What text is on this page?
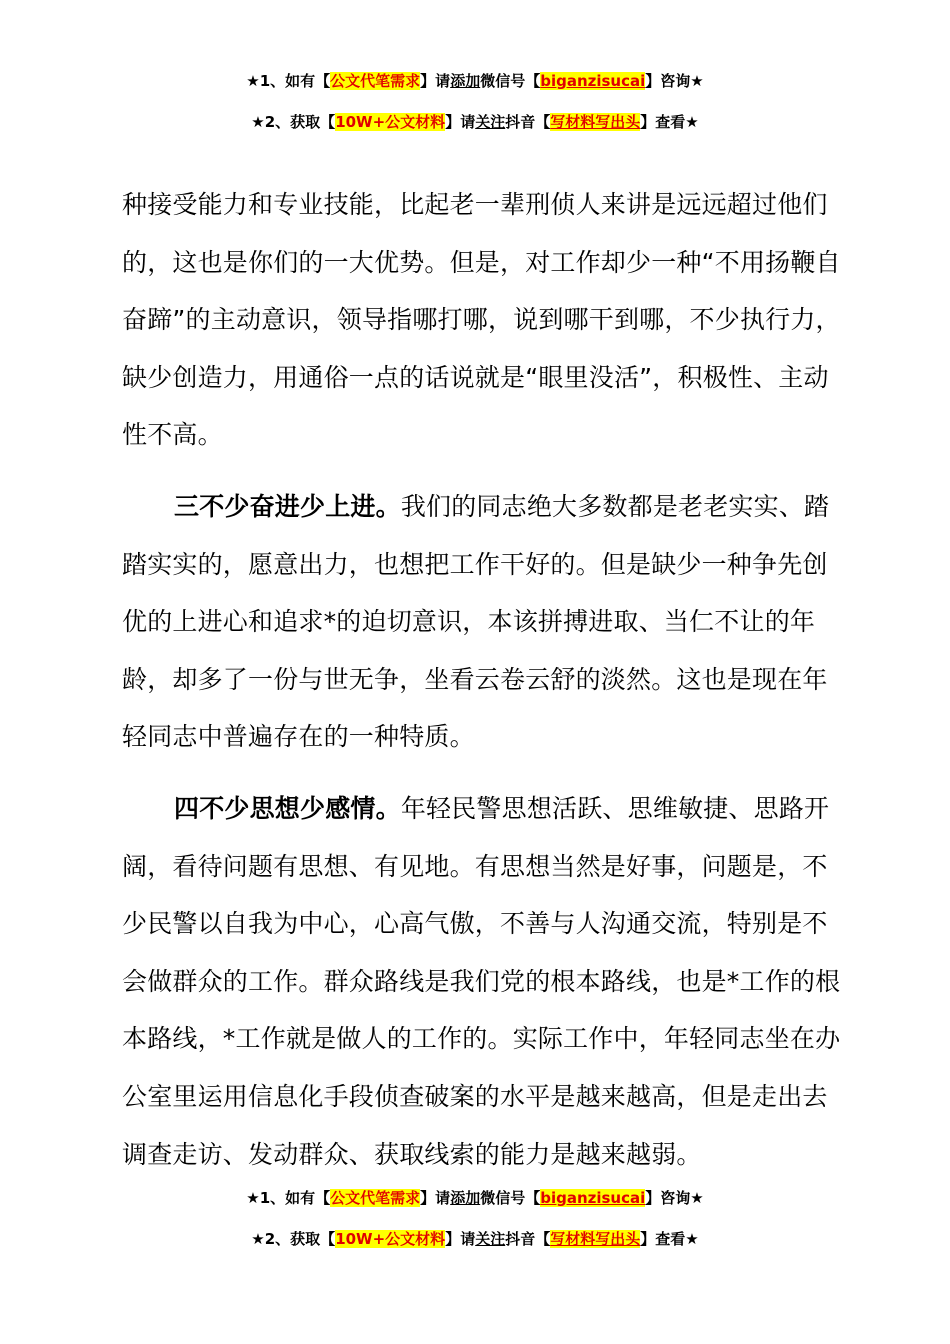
★1、如有【公文代笔需求】请添加微信号【biganzisucai】咨询★
★2、获取【10W+公文材料】请关注抖音【写材料写出头】查看★

种接受能力和专业技能，比起老一辈刑侦人来讲是远远超过他们的，这也是你们的一大优势。但是，对工作却少一种“不用扬鞭自奋蹄”的主动意识，领导指哪打哪，说到哪干到哪，不少执行力，缺少创造力，用通俗一点的话说就是“眼里没活”，积极性、主动性不高。

三不少奋进少上进。我们的同志绝大多数都是老老实实、踏踏实实的，愿意出力，也想把工作干好的。但是缺少一种争先创优的上进心和追求*的迫切意识，本该拼搏进取、当仁不让的年龄，却多了一份与世无争，坐看云卷云舒的淡然。这也是现在年轻同志中普遍存在的一种特质。

四不少思想少感情。年轻民警思想活跃、思维敏捷、思路开阔，看待问题有思想、有见地。有思想当然是好事，问题是，不少民警以自我为中心，心高气傲，不善与人沟通交流，特别是不会做群众的工作。群众路线是我们党的根本路线，也是*工作的根本路线，*工作就是做人的工作的。实际工作中，年轻同志坐在办公室里运用信息化手段侦查破案的水平是越来越高，但是走出去调查走访、发动群众、获取线索的能力是越来越弱。

★1、如有【公文代笔需求】请添加微信号【biganzisucai】咨询★
★2、获取【10W+公文材料】请关注抖音【写材料写出头】查看★
